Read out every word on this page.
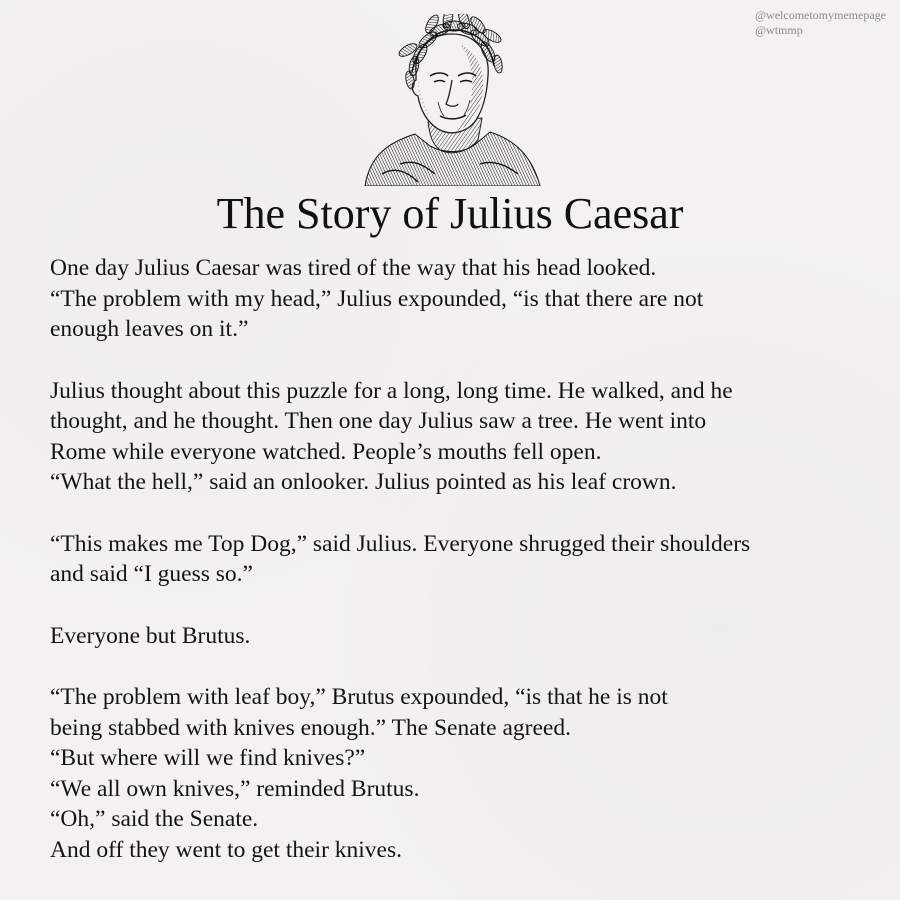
@welcometomymemepage
@wtmmp
The Story of Julius Caesar
One day Julius Caesar was tired of the way that his head looked.
“The problem with my head,” Julius expounded, “is that there are not
enough leaves on it.”
Julius thought about this puzzle for a long, long time. He walked, and he
thought, and he thought. Then one day Julius saw a tree. He went into
Rome while everyone watched. People’s mouths fell open.
“What the hell,” said an onlooker. Julius pointed as his leaf crown.
“This makes me Top Dog,” said Julius. Everyone shrugged their shoulders
and said “I guess so.”
Everyone but Brutus.
“The problem with leaf boy,” Brutus expounded, “is that he is not
being stabbed with knives enough.” The Senate agreed.
“But where will we find knives?”
“We all own knives,” reminded Brutus.
“Oh,” said the Senate.
And off they went to get their knives.
